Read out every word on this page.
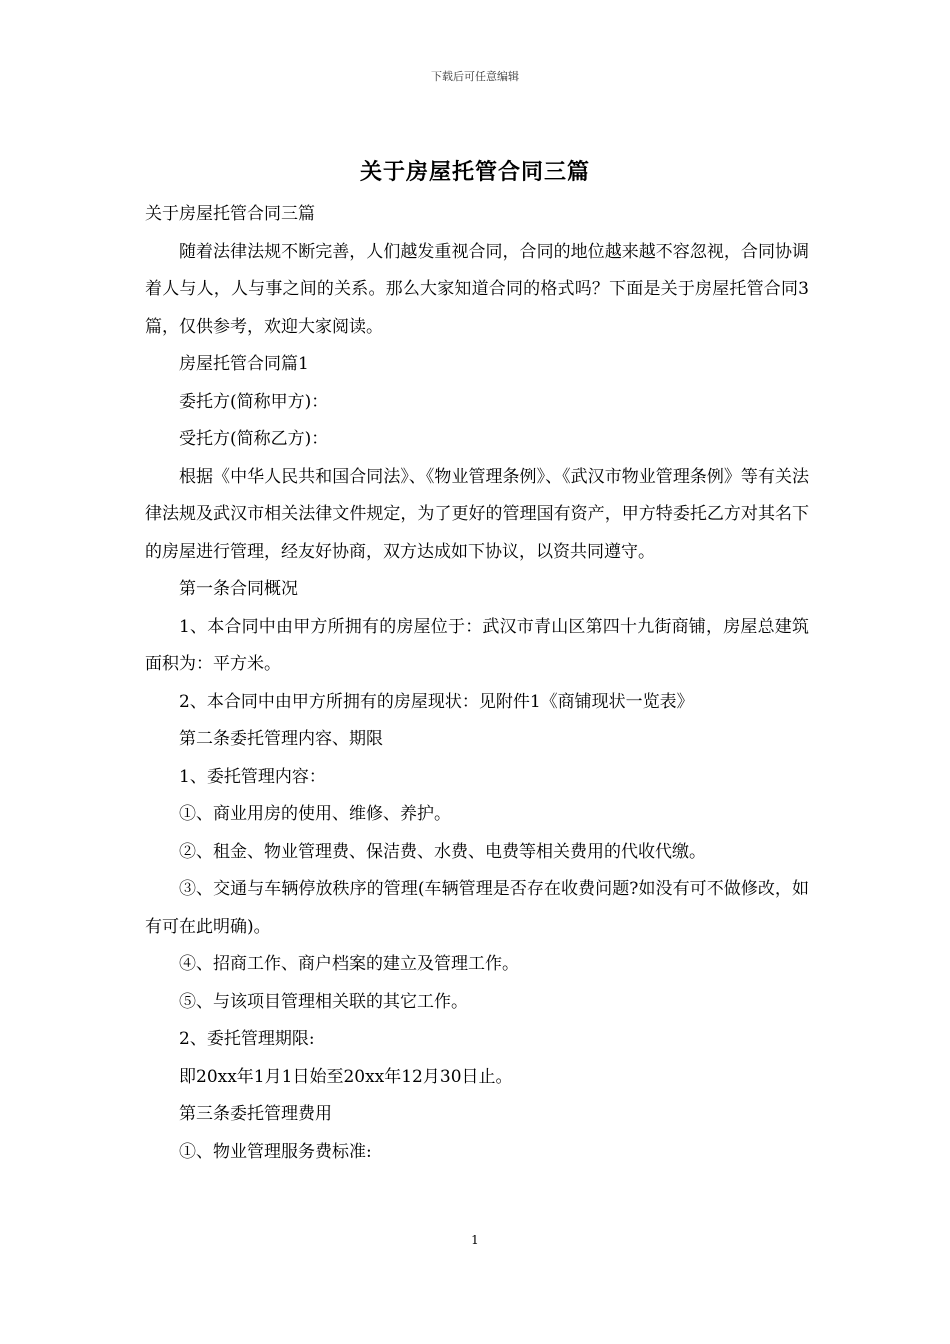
下载后可任意编辑
关于房屋托管合同三篇

关于房屋托管合同三篇

随着法律法规不断完善，人们越发重视合同，合同的地位越来越不容忽视，合同协调着人与人，人与事之间的关系。那么大家知道合同的格式吗？下面是关于房屋托管合同3篇，仅供参考，欢迎大家阅读。

房屋托管合同篇1

委托方(简称甲方)：

受托方(简称乙方)：

根据《中华人民共和国合同法》、《物业管理条例》、《武汉市物业管理条例》等有关法律法规及武汉市相关法律文件规定，为了更好的管理国有资产，甲方特委托乙方对其名下的房屋进行管理，经友好协商，双方达成如下协议，以资共同遵守。

第一条合同概况

1、本合同中由甲方所拥有的房屋位于：武汉市青山区第四十九街商铺，房屋总建筑面积为：平方米。

2、本合同中由甲方所拥有的房屋现状：见附件1《商铺现状一览表》

第二条委托管理内容、期限

1、委托管理内容：

①、商业用房的使用、维修、养护。

②、租金、物业管理费、保洁费、水费、电费等相关费用的代收代缴。

③、交通与车辆停放秩序的管理(车辆管理是否存在收费问题?如没有可不做修改，如有可在此明确)。

④、招商工作、商户档案的建立及管理工作。

⑤、与该项目管理相关联的其它工作。

2、委托管理期限:

即20xx年1月1日始至20xx年12月30日止。

第三条委托管理费用

①、物业管理服务费标准:

1
